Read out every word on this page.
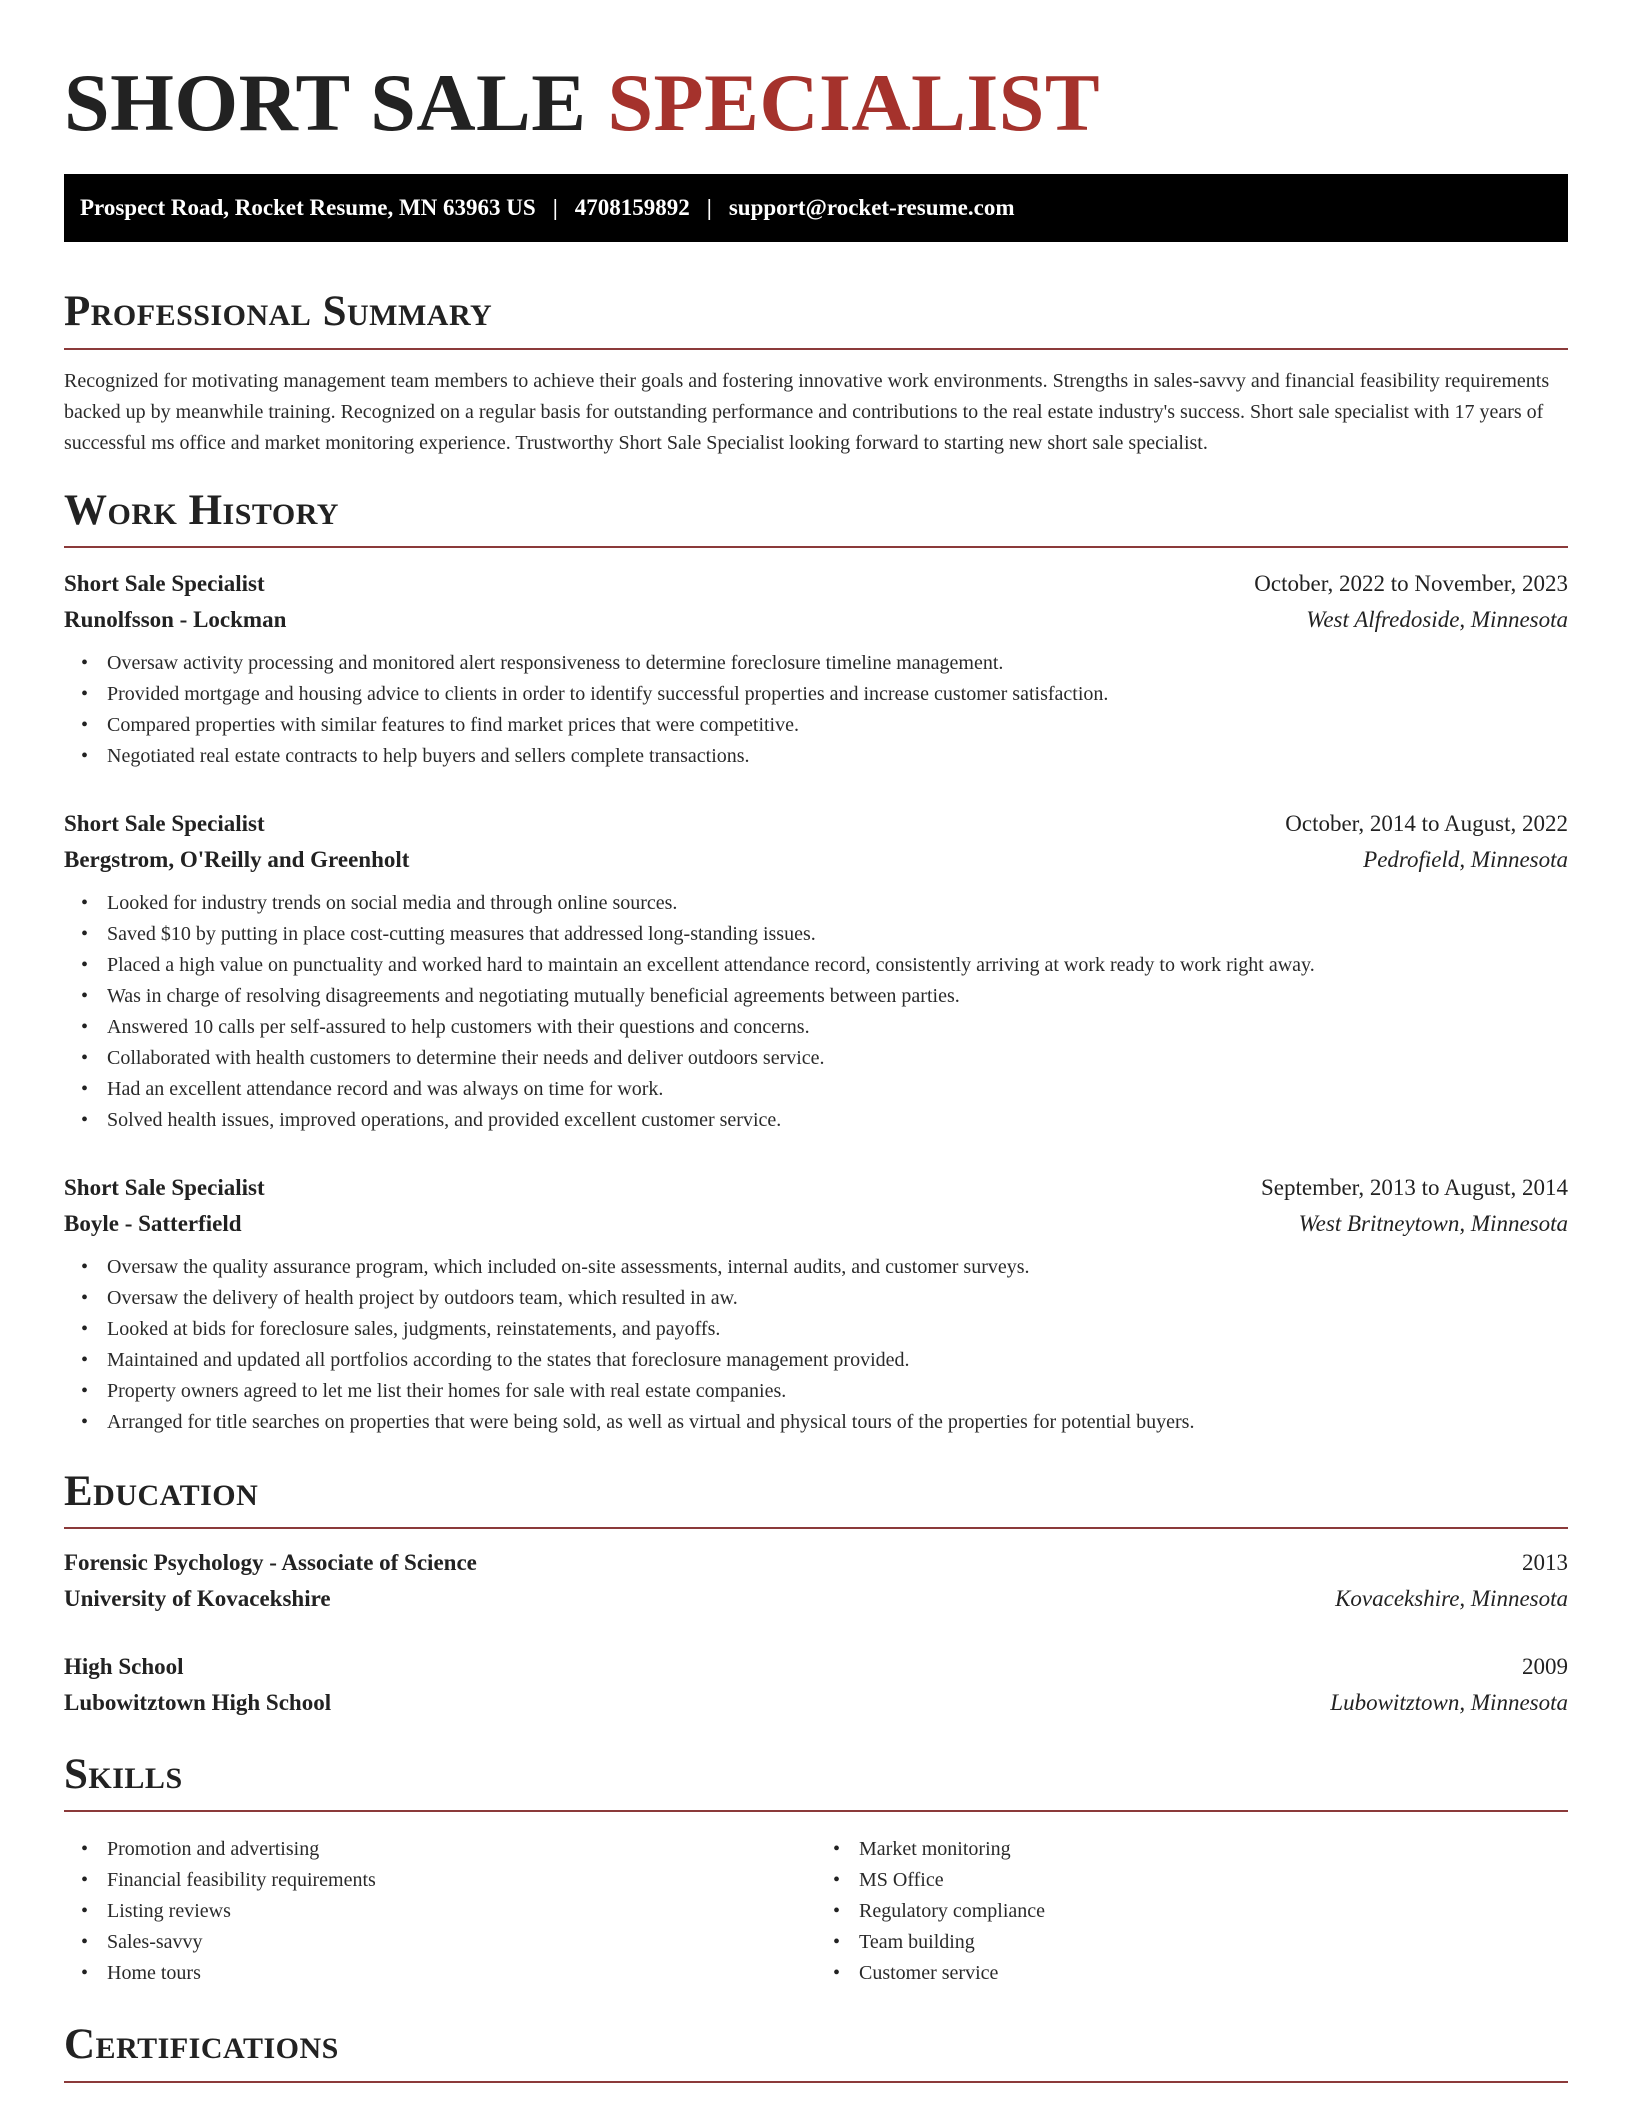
SHORT SALE SPECIALIST
Prospect Road, Rocket Resume, MN 63963 US | 4708159892 | support@rocket-resume.com
Professional Summary

Recognized for motivating management team members to achieve their goals and fostering innovative work environments. Strengths in sales-savvy and financial feasibility requirements backed up by meanwhile training. Recognized on a regular basis for outstanding performance and contributions to the real estate industry's success. Short sale specialist with 17 years of successful ms office and market monitoring experience. Trustworthy Short Sale Specialist looking forward to starting new short sale specialist.

Work History
Short Sale Specialist	October, 2022 to November, 2023
Runolfsson - Lockman	West Alfredoside, Minnesota
• Oversaw activity processing and monitored alert responsiveness to determine foreclosure timeline management.
• Provided mortgage and housing advice to clients in order to identify successful properties and increase customer satisfaction.
• Compared properties with similar features to find market prices that were competitive.
• Negotiated real estate contracts to help buyers and sellers complete transactions.
Short Sale Specialist	October, 2014 to August, 2022
Bergstrom, O'Reilly and Greenholt	Pedrofield, Minnesota
• Looked for industry trends on social media and through online sources.
• Saved $10 by putting in place cost-cutting measures that addressed long-standing issues.
• Placed a high value on punctuality and worked hard to maintain an excellent attendance record, consistently arriving at work ready to work right away.
• Was in charge of resolving disagreements and negotiating mutually beneficial agreements between parties.
• Answered 10 calls per self-assured to help customers with their questions and concerns.
• Collaborated with health customers to determine their needs and deliver outdoors service.
• Had an excellent attendance record and was always on time for work.
• Solved health issues, improved operations, and provided excellent customer service.
Short Sale Specialist	September, 2013 to August, 2014
Boyle - Satterfield	West Britneytown, Minnesota
• Oversaw the quality assurance program, which included on-site assessments, internal audits, and customer surveys.
• Oversaw the delivery of health project by outdoors team, which resulted in aw.
• Looked at bids for foreclosure sales, judgments, reinstatements, and payoffs.
• Maintained and updated all portfolios according to the states that foreclosure management provided.
• Property owners agreed to let me list their homes for sale with real estate companies.
• Arranged for title searches on properties that were being sold, as well as virtual and physical tours of the properties for potential buyers.
Education
Forensic Psychology - Associate of Science	2013
University of Kovacekshire	Kovacekshire, Minnesota
High School	2009
Lubowitztown High School	Lubowitztown, Minnesota
Skills
• Promotion and advertising
• Financial feasibility requirements
• Listing reviews
• Sales-savvy
• Home tours
• Market monitoring
• MS Office
• Regulatory compliance
• Team building
• Customer service
Certifications
